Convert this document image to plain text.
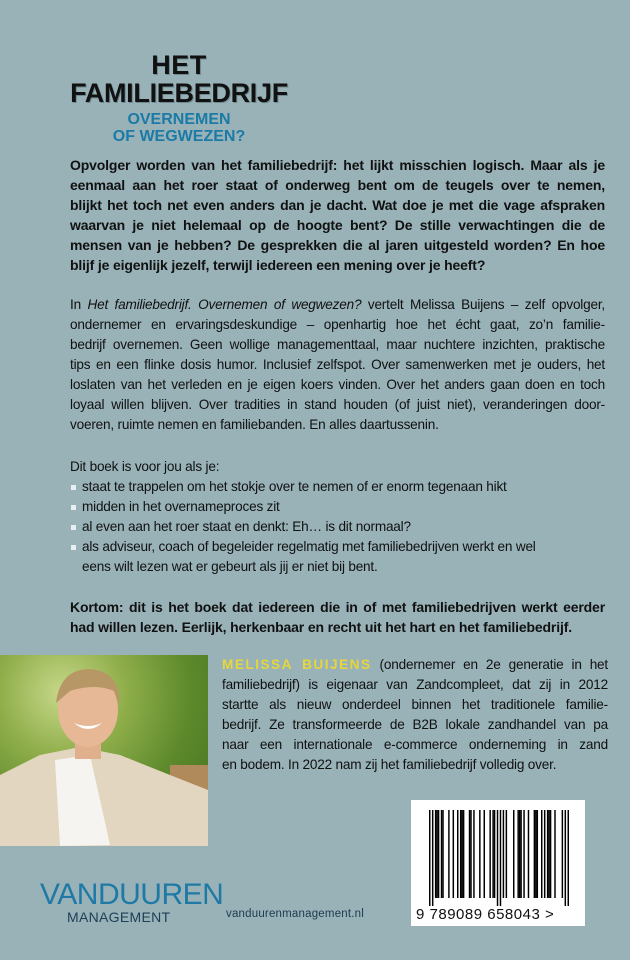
HET
FAMILIEBEDRIJF
OVERNEMEN
OF WEGWEZEN?
Opvolger worden van het familiebedrijf: het lijkt misschien logisch. Maar als je
eenmaal aan het roer staat of onderweg bent om de teugels over te nemen,
blijkt het toch net even anders dan je dacht. Wat doe je met die vage afspraken
waarvan je niet helemaal op de hoogte bent? De stille verwachtingen die de
mensen van je hebben? De gesprekken die al jaren uitgesteld worden? En hoe
blijf je eigenlijk jezelf, terwijl iedereen een mening over je heeft?
In Het familiebedrijf. Overnemen of wegwezen? vertelt Melissa Buijens – zelf opvolger,
ondernemer en ervaringsdeskundige – openhartig hoe het écht gaat, zo’n familie-
bedrijf overnemen. Geen wollige managementtaal, maar nuchtere inzichten, praktische
tips en een flinke dosis humor. Inclusief zelfspot. Over samenwerken met je ouders, het
loslaten van het verleden en je eigen koers vinden. Over het anders gaan doen en toch
loyaal willen blijven. Over tradities in stand houden (of juist niet), veranderingen door-
voeren, ruimte nemen en familiebanden. En alles daartussenin.
Dit boek is voor jou als je:
staat te trappelen om het stokje over te nemen of er enorm tegenaan hikt
midden in het overnameproces zit
al even aan het roer staat en denkt: Eh… is dit normaal?
als adviseur, coach of begeleider regelmatig met familiebedrijven werkt en wel
eens wilt lezen wat er gebeurt als jij er niet bij bent.
Kortom: dit is het boek dat iedereen die in of met familiebedrijven werkt eerder
had willen lezen. Eerlijk, herkenbaar en recht uit het hart en het familiebedrijf.
MELISSA BUIJENS (ondernemer en 2e generatie in het
familiebedrijf) is eigenaar van Zandcompleet, dat zij in 2012
startte als nieuw onderdeel binnen het traditionele familie-
bedrijf. Ze transformeerde de B2B lokale zandhandel van pa
naar een internationale e-commerce onderneming in zand
en bodem. In 2022 nam zij het familiebedrijf volledig over.
9 789089 658043 >
VANDUUREN
MANAGEMENT	vanduurenmanagement.nl
